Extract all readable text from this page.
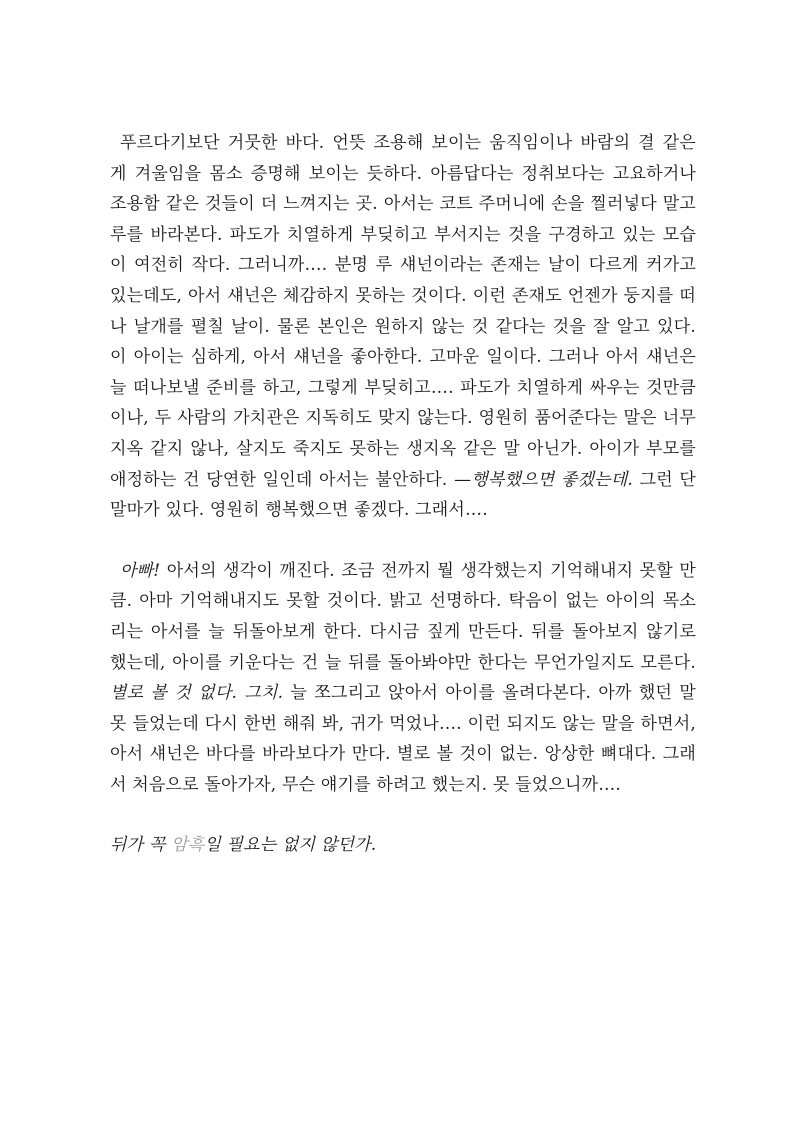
푸르다기보단 거뭇한 바다. 언뜻 조용해 보이는 움직임이나 바람의 결 같은 게 겨울임을 몸소 증명해 보이는 듯하다. 아름답다는 정취보다는 고요하거나 조용함 같은 것들이 더 느껴지는 곳. 아서는 코트 주머니에 손을 찔러넣다 말고 루를 바라본다. 파도가 치열하게 부딪히고 부서지는 것을 구경하고 있는 모습이 여전히 작다. 그러니까…. 분명 루 섀넌이라는 존재는 날이 다르게 커가고 있는데도, 아서 섀넌은 체감하지 못하는 것이다. 이런 존재도 언젠가 둥지를 떠나 날개를 펼칠 날이. 물론 본인은 원하지 않는 것 같다는 것을 잘 알고 있다. 이 아이는 심하게, 아서 섀넌을 좋아한다. 고마운 일이다. 그러나 아서 섀넌은 늘 떠나보낼 준비를 하고, 그렇게 부딪히고…. 파도가 치열하게 싸우는 것만큼이나, 두 사람의 가치관은 지독히도 맞지 않는다. 영원히 품어준다는 말은 너무 지옥 같지 않나, 살지도 죽지도 못하는 생지옥 같은 말 아닌가. 아이가 부모를 애정하는 건 당연한 일인데 아서는 불안하다. —행복했으면 좋겠는데. 그런 단말마가 있다. 영원히 행복했으면 좋겠다. 그래서….

아빠! 아서의 생각이 깨진다. 조금 전까지 뭘 생각했는지 기억해내지 못할 만큼. 아마 기억해내지도 못할 것이다. 밝고 선명하다. 탁음이 없는 아이의 목소리는 아서를 늘 뒤돌아보게 한다. 다시금 짚게 만든다. 뒤를 돌아보지 않기로 했는데, 아이를 키운다는 건 늘 뒤를 돌아봐야만 한다는 무언가일지도 모른다. 별로 볼 것 없다. 그치. 늘 쪼그리고 앉아서 아이를 올려다본다. 아까 했던 말 못 들었는데 다시 한번 해줘 봐, 귀가 먹었나…. 이런 되지도 않는 말을 하면서, 아서 섀넌은 바다를 바라보다가 만다. 별로 볼 것이 없는. 앙상한 뼈대다. 그래서 처음으로 돌아가자, 무슨 얘기를 하려고 했는지. 못 들었으니까….

뒤가 꼭 암흑일 필요는 없지 않던가.
